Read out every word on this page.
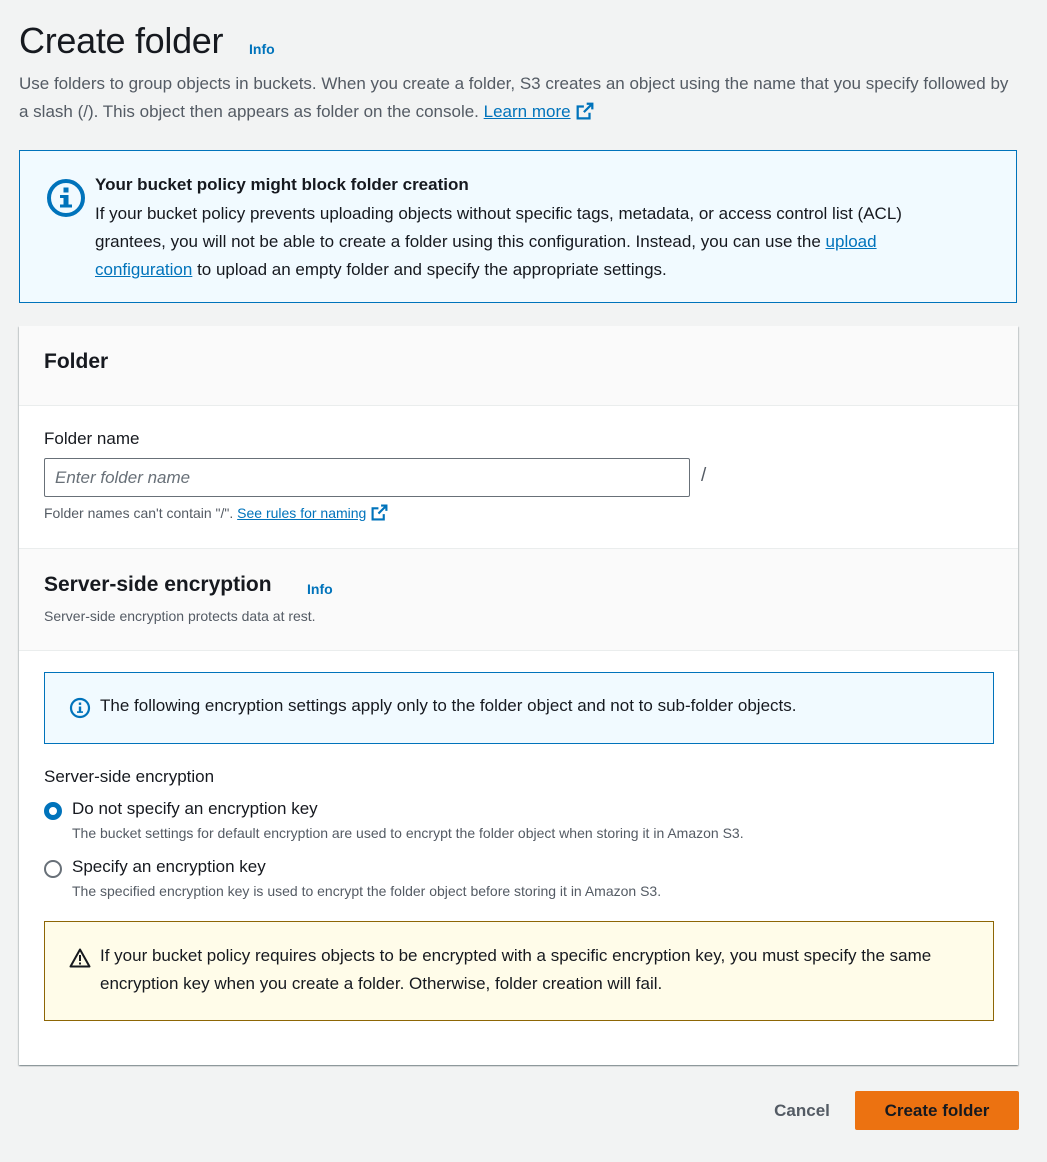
Create folder Info
Use folders to group objects in buckets. When you create a folder, S3 creates an object using the name that you specify followed by a slash (/). This object then appears as folder on the console. Learn more
Your bucket policy might block folder creation
If your bucket policy prevents uploading objects without specific tags, metadata, or access control list (ACL) grantees, you will not be able to create a folder using this configuration. Instead, you can use the upload configuration to upload an empty folder and specify the appropriate settings.
Folder
Folder name
Enter folder name
/
Folder names can't contain "/". See rules for naming
Server-side encryption	Info
Server-side encryption protects data at rest.
The following encryption settings apply only to the folder object and not to sub-folder objects.
Server-side encryption
Do not specify an encryption key
The bucket settings for default encryption are used to encrypt the folder object when storing it in Amazon S3.
Specify an encryption key
The specified encryption key is used to encrypt the folder object before storing it in Amazon S3.
If your bucket policy requires objects to be encrypted with a specific encryption key, you must specify the same encryption key when you create a folder. Otherwise, folder creation will fail.
Cancel	Create folder
